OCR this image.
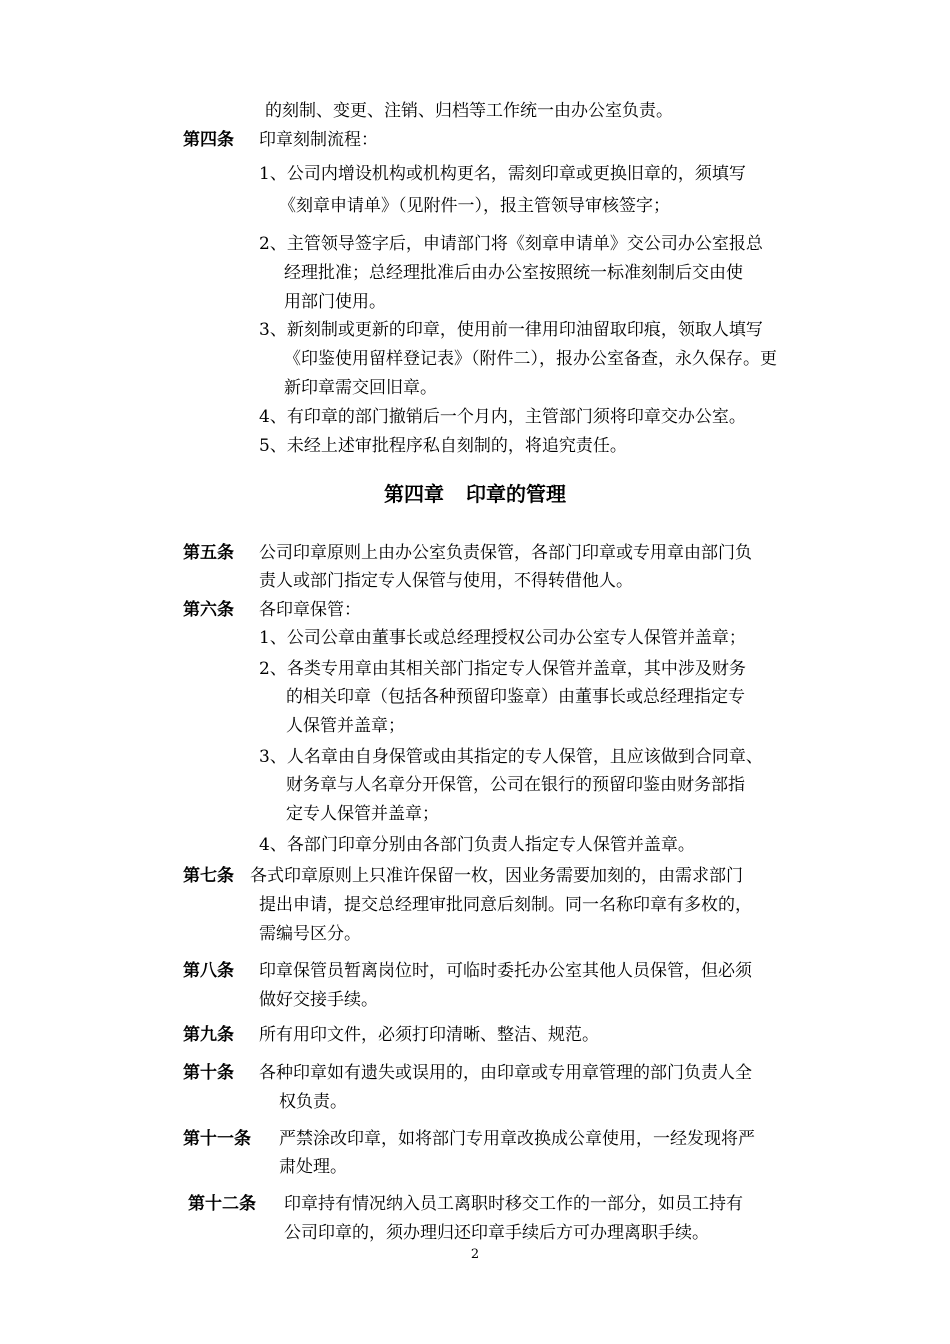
的刻制、变更、注销、归档等工作统一由办公室负责。
第四条 印章刻制流程：
1、公司内增设机构或机构更名，需刻印章或更换旧章的，须填写
《刻章申请单》（见附件一），报主管领导审核签字；
2、主管领导签字后，申请部门将《刻章申请单》交公司办公室报总
经理批准；总经理批准后由办公室按照统一标准刻制后交由使
用部门使用。
3、新刻制或更新的印章，使用前一律用印油留取印痕，领取人填写
《印鉴使用留样登记表》（附件二），报办公室备查，永久保存。更
新印章需交回旧章。
4、有印章的部门撤销后一个月内，主管部门须将印章交办公室。
5、未经上述审批程序私自刻制的，将追究责任。
第四章 印章的管理
第五条 公司印章原则上由办公室负责保管，各部门印章或专用章由部门负
责人或部门指定专人保管与使用，不得转借他人。
第六条 各印章保管：
1、公司公章由董事长或总经理授权公司办公室专人保管并盖章；
2、各类专用章由其相关部门指定专人保管并盖章，其中涉及财务
的相关印章（包括各种预留印鉴章）由董事长或总经理指定专
人保管并盖章；
3、人名章由自身保管或由其指定的专人保管，且应该做到合同章、
财务章与人名章分开保管，公司在银行的预留印鉴由财务部指
定专人保管并盖章；
4、各部门印章分别由各部门负责人指定专人保管并盖章。
第七条 各式印章原则上只准许保留一枚，因业务需要加刻的，由需求部门
提出申请，提交总经理审批同意后刻制。同一名称印章有多枚的，
需编号区分。
第八条 印章保管员暂离岗位时，可临时委托办公室其他人员保管，但必须
做好交接手续。
第九条 所有用印文件，必须打印清晰、整洁、规范。
第十条 各种印章如有遗失或误用的，由印章或专用章管理的部门负责人全
权负责。
第十一条 严禁涂改印章，如将部门专用章改换成公章使用，一经发现将严
肃处理。
第十二条 印章持有情况纳入员工离职时移交工作的一部分，如员工持有
公司印章的，须办理归还印章手续后方可办理离职手续。
2
